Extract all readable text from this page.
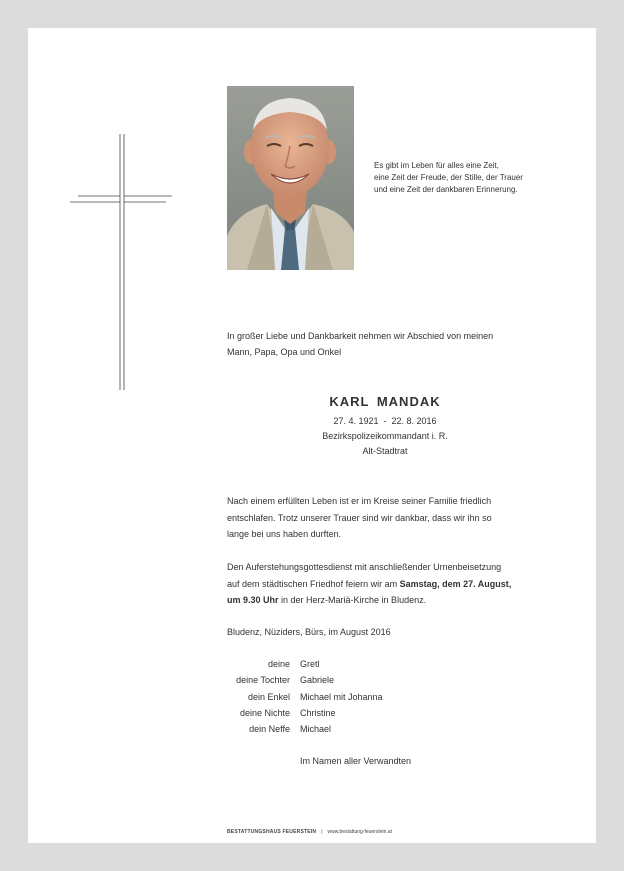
Es gibt im Leben für alles eine Zeit,
eine Zeit der Freude, der Stille, der Trauer
und eine Zeit der dankbaren Erinnerung.
In großer Liebe und Dankbarkeit nehmen wir Abschied von meinen
Mann, Papa, Opa und Onkel
KARL MANDAK
27. 4. 1921  -  22. 8. 2016
Bezirkspolizeikommandant i. R.
Alt-Stadtrat
Nach einem erfüllten Leben ist er im Kreise seiner Familie friedlich
entschlafen. Trotz unserer Trauer sind wir dankbar, dass wir ihn so
lange bei uns haben durften.
Den Auferstehungsgottesdienst mit anschließender Urnenbeisetzung
auf dem städtischen Friedhof feiern wir am Samstag, dem 27. August,
um 9.30 Uhr in der Herz-Mariä-Kirche in Bludenz.
Bludenz, Nüziders, Bürs, im August 2016
deine Gretl
deine Tochter Gabriele
dein Enkel Michael mit Johanna
deine Nichte Christine
dein Neffe Michael
Im Namen aller Verwandten
BESTATTUNGSHAUS FEUERSTEIN | www.bestattung-feuerstein.at
